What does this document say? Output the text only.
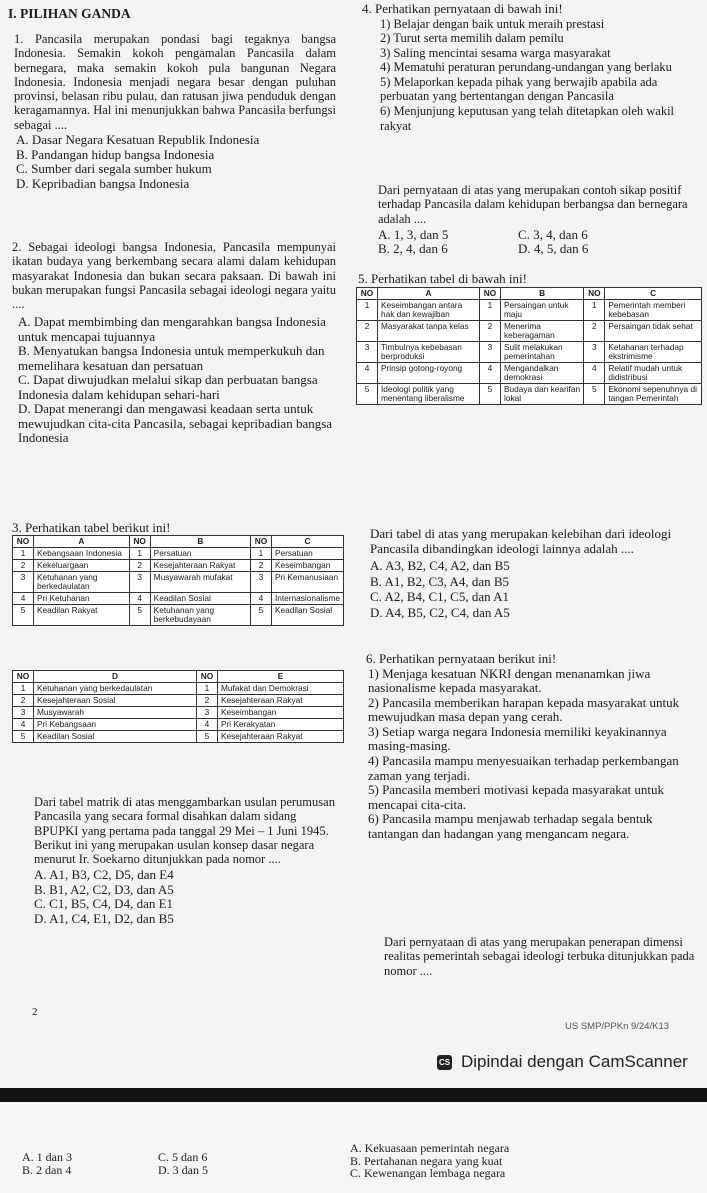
I. PILIHAN GANDA

1. Pancasila merupakan pondasi bagi tegaknya bangsa Indonesia. Semakin kokoh pengamalan Pancasila dalam bernegara, maka semakin kokoh pula bangunan Negara Indonesia. Indonesia menjadi negara besar dengan puluhan provinsi, belasan ribu pulau, dan ratusan jiwa penduduk dengan keragamannya. Hal ini menunjukkan bahwa Pancasila berfungsi sebagai ....

A. Dasar Negara Kesatuan Republik Indonesia
B. Pandangan hidup bangsa Indonesia
C. Sumber dari segala sumber hukum
D. Kepribadian bangsa Indonesia

2. Sebagai ideologi bangsa Indonesia, Pancasila mempunyai ikatan budaya yang berkembang secara alami dalam kehidupan masyarakat Indonesia dan bukan secara paksaan. Di bawah ini bukan merupakan fungsi Pancasila sebagai ideologi negara yaitu ....

A. Dapat membimbing dan mengarahkan bangsa Indonesia untuk mencapai tujuannya
B. Menyatukan bangsa Indonesia untuk memperkukuh dan memelihara kesatuan dan persatuan
C. Dapat diwujudkan melalui sikap dan perbuatan bangsa Indonesia dalam kehidupan sehari-hari
D. Dapat menerangi dan mengawasi keadaan serta untuk mewujudkan cita-cita Pancasila, sebagai kepribadian bangsa Indonesia
3. Perhatikan tabel berikut ini!
NO	A	NO	B	NO	C
1	Kebangsaan Indonesia	1	Persatuan	1	Persatuan
2	Kekeluargaan	2	Kesejahteraan Rakyat	2	Keseimbangan
3	Ketuhanan yang berkedaulatan	3	Musyawarah mufakat	3	Pri Kemanusiaan
4	Pri Ketuhanan	4	Keadilan Sosial	4	Internasionalisme
5	Keadilan Rakyat	5	Ketuhanan yang berkebudayaan	5	Keadilan Sosial
NO	D	NO	E
1	Ketuhanan yang berkedaulatan	1	Mufakat dan Demokrasi
2	Kesejahteraan Sosial	2	Kesejahteraan Rakyat
3	Musyawarah	3	Keseimbangan
4	Pri Kebangsaan	4	Pri Kerakyatan
5	Keadilan Sosial	5	Kesejahteraan Rakyat

Dari tabel matrik di atas menggambarkan usulan perumusan Pancasila yang secara formal disahkan dalam sidang BPUPKI yang pertama pada tanggal 29 Mei – 1 Juni 1945. Berikut ini yang merupakan usulan konsep dasar negara menurut Ir. Soekarno ditunjukkan pada nomor ....

A. A1, B3, C2, D5, dan E4
B. B1, A2, C2, D3, dan A5
C. C1, B5, C4, D4, dan E1
D. A1, C4, E1, D2, dan B5
2
4. Perhatikan pernyataan di bawah ini!
1) Belajar dengan baik untuk meraih prestasi
2) Turut serta memilih dalam pemilu
3) Saling mencintai sesama warga masyarakat
4) Mematuhi peraturan perundang-undangan yang berlaku
5) Melaporkan kepada pihak yang berwajib apabila ada perbuatan yang bertentangan dengan Pancasila
6) Menjunjung keputusan yang telah ditetapkan oleh wakil rakyat

Dari pernyataan di atas yang merupakan contoh sikap positif terhadap Pancasila dalam kehidupan berbangsa dan bernegara adalah ....

A. 1, 3, dan 5
B. 2, 4, dan 6
C. 3, 4, dan 6
D. 4, 5, dan 6
5. Perhatikan tabel di bawah ini!
NO	A	NO	B	NO	C
1	Keseimbangan antara hak dan kewajiban	1	Persaingan untuk maju	1	Pemerintah memberi kebebasan
2	Masyarakat tanpa kelas	2	Menerima keberagaman	2	Persaingan tidak sehat
3	Timbulnya kebebasan berproduksi	3	Sulit melakukan pemerintahan	3	Ketahanan terhadap ekstrimisme
4	Prinsip gotong-royong	4	Mengandalkan demokrasi	4	Relatif mudah untuk didistribusi
5	Ideologi politik yang menentang liberalisme	5	Budaya dan kearifan lokal	5	Ekonomi sepenuhnya di tangan Pemerintah

Dari tabel di atas yang merupakan kelebihan dari ideologi Pancasila dibandingkan ideologi lainnya adalah ....

A. A3, B2, C4, A2, dan B5
B. A1, B2, C3, A4, dan B5
C. A2, B4, C1, C5, dan A1
D. A4, B5, C2, C4, dan A5
6. Perhatikan pernyataan berikut ini!
1) Menjaga kesatuan NKRI dengan menanamkan jiwa nasionalisme kepada masyarakat.
2) Pancasila memberikan harapan kepada masyarakat untuk mewujudkan masa depan yang cerah.
3) Setiap warga negara Indonesia memiliki keyakinannya masing-masing.
4) Pancasila mampu menyesuaikan terhadap perkembangan zaman yang terjadi.
5) Pancasila memberi motivasi kepada masyarakat untuk mencapai cita-cita.
6) Pancasila mampu menjawab terhadap segala bentuk tantangan dan hadangan yang mengancam negara.

Dari pernyataan di atas yang merupakan penerapan dimensi realitas pemerintah sebagai ideologi terbuka ditunjukkan pada nomor ....

US SMP/PPKn 9/24/K13
CS Dipindai dengan CamScanner
A. 1 dan 3
B. 2 dan 4
C. 5 dan 6
D. 3 dan 5
A. Kekuasaan pemerintah negara
B. Pertahanan negara yang kuat
C. Kewenangan lembaga negara
